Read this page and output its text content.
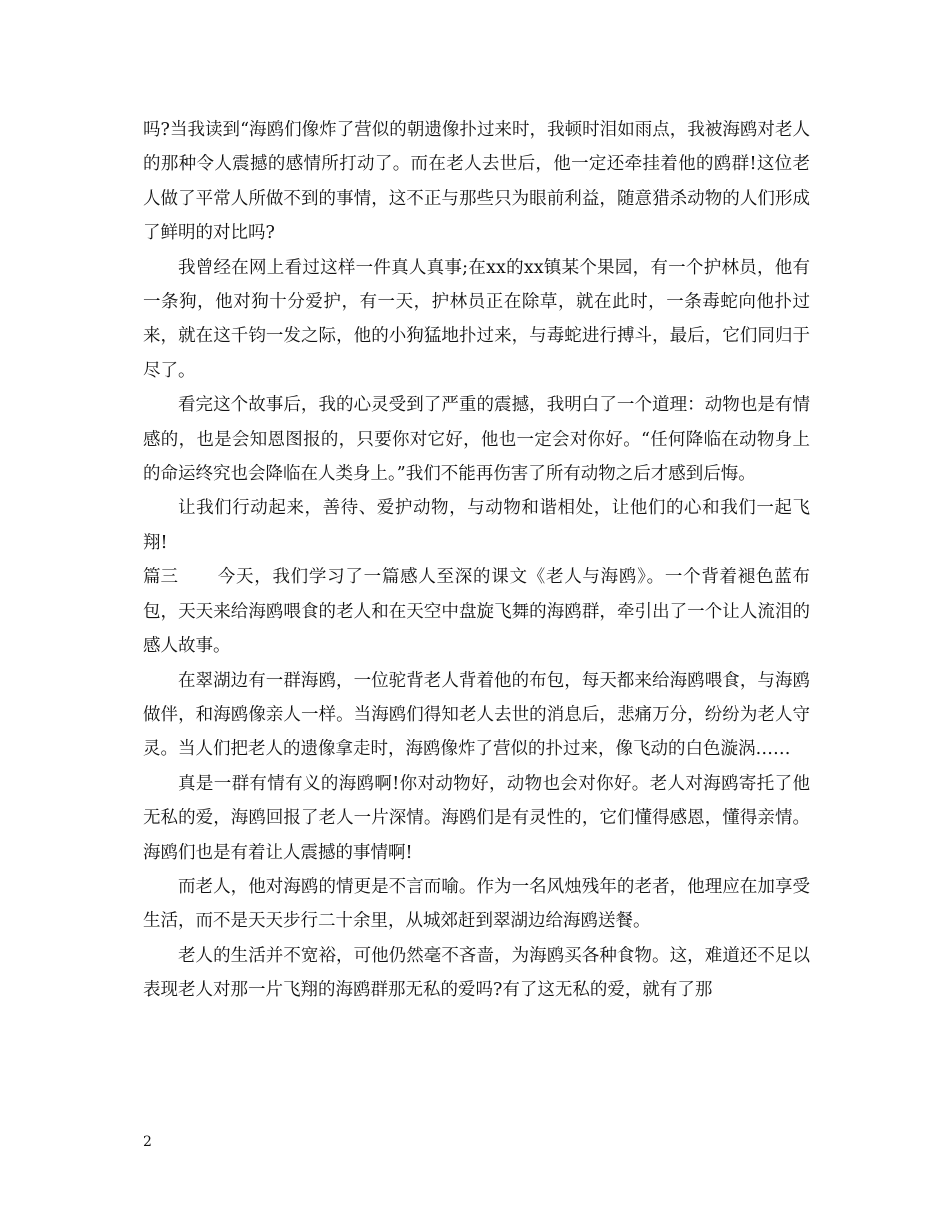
吗?当我读到“海鸥们像炸了营似的朝遗像扑过来时，我顿时泪如雨点，我被海鸥对老人的那种令人震撼的感情所打动了。而在老人去世后，他一定还牵挂着他的鸥群!这位老人做了平常人所做不到的事情，这不正与那些只为眼前利益，随意猎杀动物的人们形成了鲜明的对比吗?

我曾经在网上看过这样一件真人真事;在xx的xx镇某个果园，有一个护林员，他有一条狗，他对狗十分爱护，有一天，护林员正在除草，就在此时，一条毒蛇向他扑过来，就在这千钧一发之际，他的小狗猛地扑过来，与毒蛇进行搏斗，最后，它们同归于尽了。

看完这个故事后，我的心灵受到了严重的震撼，我明白了一个道理：动物也是有情感的，也是会知恩图报的，只要你对它好，他也一定会对你好。“任何降临在动物身上的命运终究也会降临在人类身上。”我们不能再伤害了所有动物之后才感到后悔。

让我们行动起来，善待、爱护动物，与动物和谐相处，让他们的心和我们一起飞翔!

篇三 今天，我们学习了一篇感人至深的课文《老人与海鸥》。一个背着褪色蓝布包，天天来给海鸥喂食的老人和在天空中盘旋飞舞的海鸥群，牵引出了一个让人流泪的感人故事。

在翠湖边有一群海鸥，一位驼背老人背着他的布包，每天都来给海鸥喂食，与海鸥做伴，和海鸥像亲人一样。当海鸥们得知老人去世的消息后，悲痛万分，纷纷为老人守灵。当人们把老人的遗像拿走时，海鸥像炸了营似的扑过来，像飞动的白色漩涡……

真是一群有情有义的海鸥啊!你对动物好，动物也会对你好。老人对海鸥寄托了他无私的爱，海鸥回报了老人一片深情。海鸥们是有灵性的，它们懂得感恩，懂得亲情。海鸥们也是有着让人震撼的事情啊!

而老人，他对海鸥的情更是不言而喻。作为一名风烛残年的老者，他理应在加享受生活，而不是天天步行二十余里，从城郊赶到翠湖边给海鸥送餐。

老人的生活并不宽裕，可他仍然毫不吝啬，为海鸥买各种食物。这，难道还不足以表现老人对那一片飞翔的海鸥群那无私的爱吗?有了这无私的爱，就有了那

2
